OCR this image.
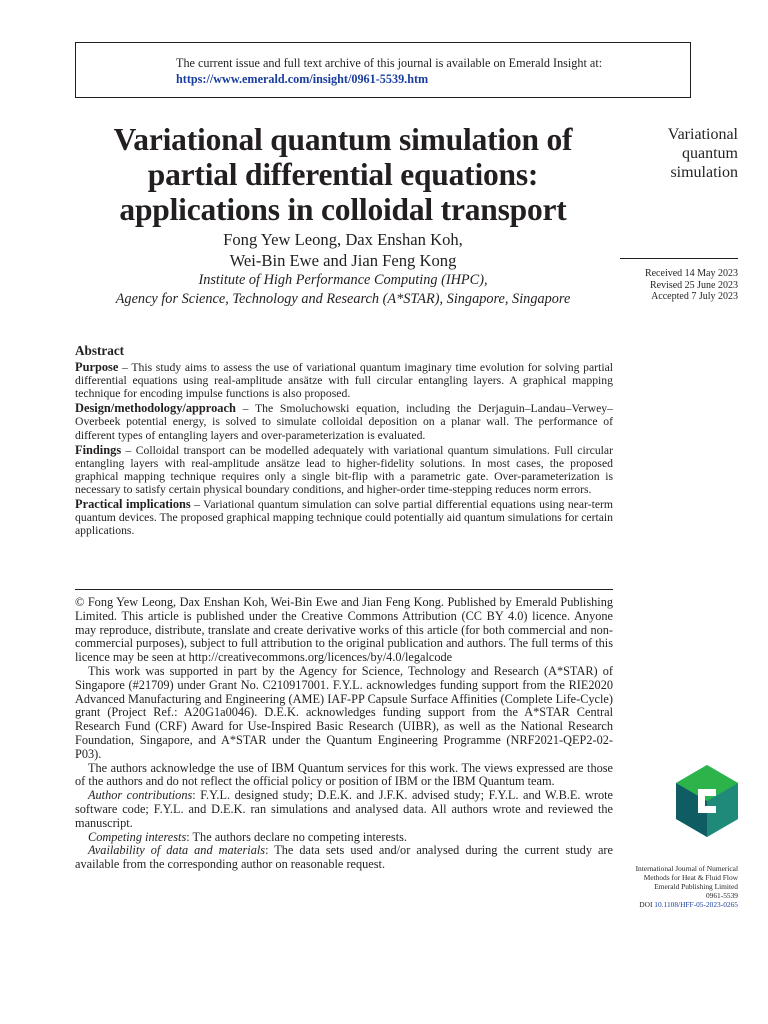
The current issue and full text archive of this journal is available on Emerald Insight at:
https://www.emerald.com/insight/0961-5539.htm
Variational quantum simulation of
partial differential equations:
applications in colloidal transport
Fong Yew Leong, Dax Enshan Koh,
Wei-Bin Ewe and Jian Feng Kong
Institute of High Performance Computing (IHPC),
Agency for Science, Technology and Research (A*STAR), Singapore, Singapore
Variational
quantum
simulation
Received 14 May 2023
Revised 25 June 2023
Accepted 7 July 2023
Abstract

Purpose – This study aims to assess the use of variational quantum imaginary time evolution for solving partial differential equations using real-amplitude ansätze with full circular entangling layers. A graphical mapping technique for encoding impulse functions is also proposed.

Design/methodology/approach – The Smoluchowski equation, including the Derjaguin–Landau–Verwey–Overbeek potential energy, is solved to simulate colloidal deposition on a planar wall. The performance of different types of entangling layers and over-parameterization is evaluated.

Findings – Colloidal transport can be modelled adequately with variational quantum simulations. Full circular entangling layers with real-amplitude ansätze lead to higher-fidelity solutions. In most cases, the proposed graphical mapping technique requires only a single bit-flip with a parametric gate. Over-parameterization is necessary to satisfy certain physical boundary conditions, and higher-order time-stepping reduces norm errors.

Practical implications – Variational quantum simulation can solve partial differential equations using near-term quantum devices. The proposed graphical mapping technique could potentially aid quantum simulations for certain applications.

© Fong Yew Leong, Dax Enshan Koh, Wei-Bin Ewe and Jian Feng Kong. Published by Emerald Publishing Limited. This article is published under the Creative Commons Attribution (CC BY 4.0) licence. Anyone may reproduce, distribute, translate and create derivative works of this article (for both commercial and non-commercial purposes), subject to full attribution to the original publication and authors. The full terms of this licence may be seen at http://creativecommons.org/licences/by/4.0/legalcode

This work was supported in part by the Agency for Science, Technology and Research (A*STAR) of Singapore (#21709) under Grant No. C210917001. F.Y.L. acknowledges funding support from the RIE2020 Advanced Manufacturing and Engineering (AME) IAF-PP Capsule Surface Affinities (Complete Life-Cycle) grant (Project Ref.: A20G1a0046). D.E.K. acknowledges funding support from the A*STAR Central Research Fund (CRF) Award for Use-Inspired Basic Research (UIBR), as well as the National Research Foundation, Singapore, and A*STAR under the Quantum Engineering Programme (NRF2021-QEP2-02-P03).

The authors acknowledge the use of IBM Quantum services for this work. The views expressed are those of the authors and do not reflect the official policy or position of IBM or the IBM Quantum team.

Author contributions: F.Y.L. designed study; D.E.K. and J.F.K. advised study; F.Y.L. and W.B.E. wrote software code; F.Y.L. and D.E.K. ran simulations and analysed data. All authors wrote and reviewed the manuscript.

Competing interests: The authors declare no competing interests.

Availability of data and materials: The data sets used and/or analysed during the current study are available from the corresponding author on reasonable request.	International Journal of Numerical
Methods for Heat & Fluid Flow
Emerald Publishing Limited
0961-5539
DOI 10.1108/HFF-05-2023-0265
